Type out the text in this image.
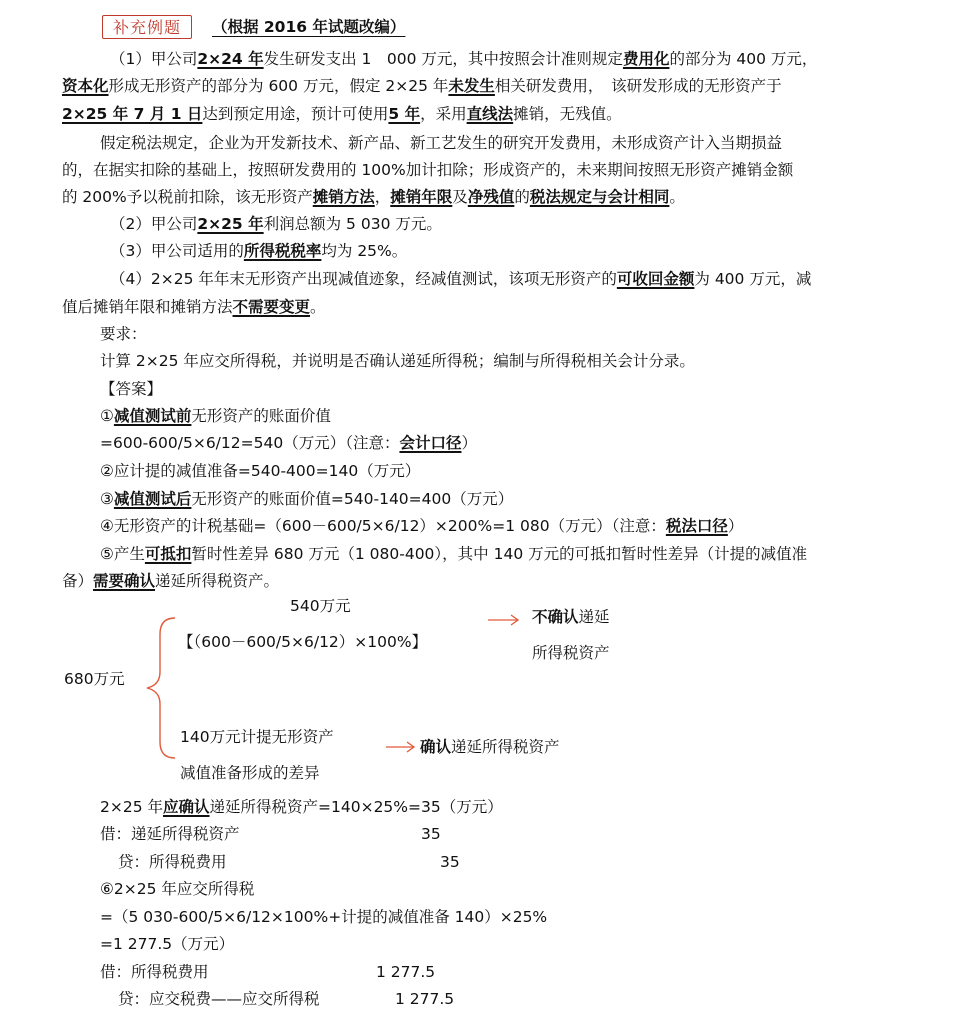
补充例题	（根据 2016 年试题改编）
（1）甲公司2×24 年发生研发支出 1　000 万元，其中按照会计准则规定费用化的部分为 400 万元，
资本化形成无形资产的部分为 600 万元，假定 2×25 年未发生相关研发费用，　该研发形成的无形资产于
2×25 年 7 月 1 日达到预定用途，预计可使用5 年，采用直线法摊销，无残值。
假定税法规定，企业为开发新技术、新产品、新工艺发生的研究开发费用，未形成资产计入当期损益
的，在据实扣除的基础上，按照研发费用的 100%加计扣除；形成资产的，未来期间按照无形资产摊销金额
的 200%予以税前扣除，该无形资产摊销方法，摊销年限及净残值的税法规定与会计相同。
（2）甲公司2×25 年利润总额为 5 030 万元。
（3）甲公司适用的所得税税率均为 25%。
（4）2×25 年年末无形资产出现减值迹象，经减值测试，该项无形资产的可收回金额为 400 万元，减
值后摊销年限和摊销方法不需要变更。
要求：
计算 2×25 年应交所得税，并说明是否确认递延所得税；编制与所得税相关会计分录。
【答案】
①减值测试前无形资产的账面价值
=600-600/5×6/12=540（万元）（注意：会计口径）
②应计提的减值准备=540-400=140（万元）
③减值测试后无形资产的账面价值=540-140=400（万元）
④无形资产的计税基础=（600－600/5×6/12）×200%=1 080（万元）（注意：税法口径）
⑤产生可抵扣暂时性差异 680 万元（1 080-400），其中 140 万元的可抵扣暂时性差异（计提的减值准
备）需要确认递延所得税资产。
540万元
【（600－600/5×6/12）×100%】
不确认递延
所得税资产
680万元
140万元计提无形资产
减值准备形成的差异
确认递延所得税资产
2×25 年应确认递延所得税资产=140×25%=35（万元）
借：递延所得税资产	35
贷：所得税费用	35
⑥2×25 年应交所得税
=（5 030-600/5×6/12×100%+计提的减值准备 140）×25%
=1 277.5（万元）
借：所得税费用	1 277.5
贷：应交税费——应交所得税	1 277.5
